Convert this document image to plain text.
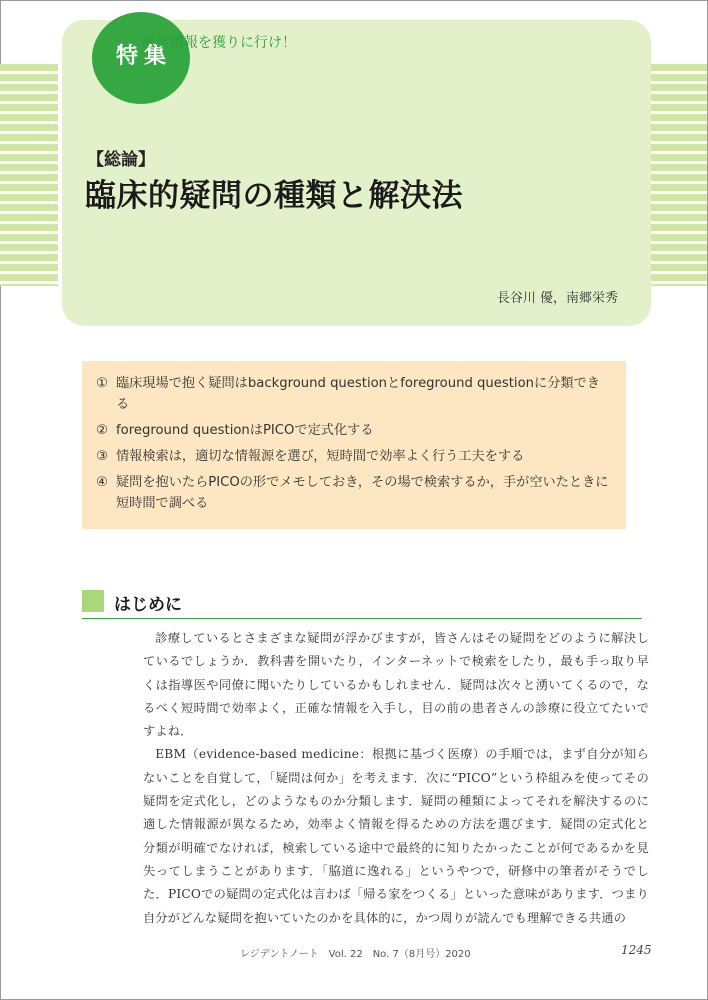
特集
医学情報を獲りに行け！
【総論】
臨床的疑問の種類と解決法
長谷川 優，南郷栄秀
① 臨床現場で抱く疑問はbackground questionとforeground questionに分類できる
② foreground questionはPICOで定式化する
③ 情報検索は，適切な情報源を選び，短時間で効率よく行う工夫をする
④ 疑問を抱いたらPICOの形でメモしておき，その場で検索するか，手が空いたときに短時間で調べる
はじめに

診療しているとさまざまな疑問が浮かびますが，皆さんはその疑問をどのように解決しているでしょうか．教科書を開いたり，インターネットで検索をしたり，最も手っ取り早くは指導医や同僚に聞いたりしているかもしれません．疑問は次々と湧いてくるので，なるべく短時間で効率よく，正確な情報を入手し，目の前の患者さんの診療に役立てたいですよね．

EBM（evidence-based medicine：根拠に基づく医療）の手順では，まず自分が知らないことを自覚して，「疑問は何か」を考えます．次に“PICO”という枠組みを使ってその疑問を定式化し，どのようなものか分類します．疑問の種類によってそれを解決するのに適した情報源が異なるため，効率よく情報を得るための方法を選びます．疑問の定式化と分類が明確でなければ，検索している途中で最終的に知りたかったことが何であるかを見失ってしまうことがあります．「脇道に逸れる」というやつで，研修中の筆者がそうでした．PICOでの疑問の定式化は言わば「帰る家をつくる」といった意味があります．つまり自分がどんな疑問を抱いていたのかを具体的に，かつ周りが読んでも理解できる共通の

レジデントノート　Vol. 22　No. 7（8月号）2020	1245
